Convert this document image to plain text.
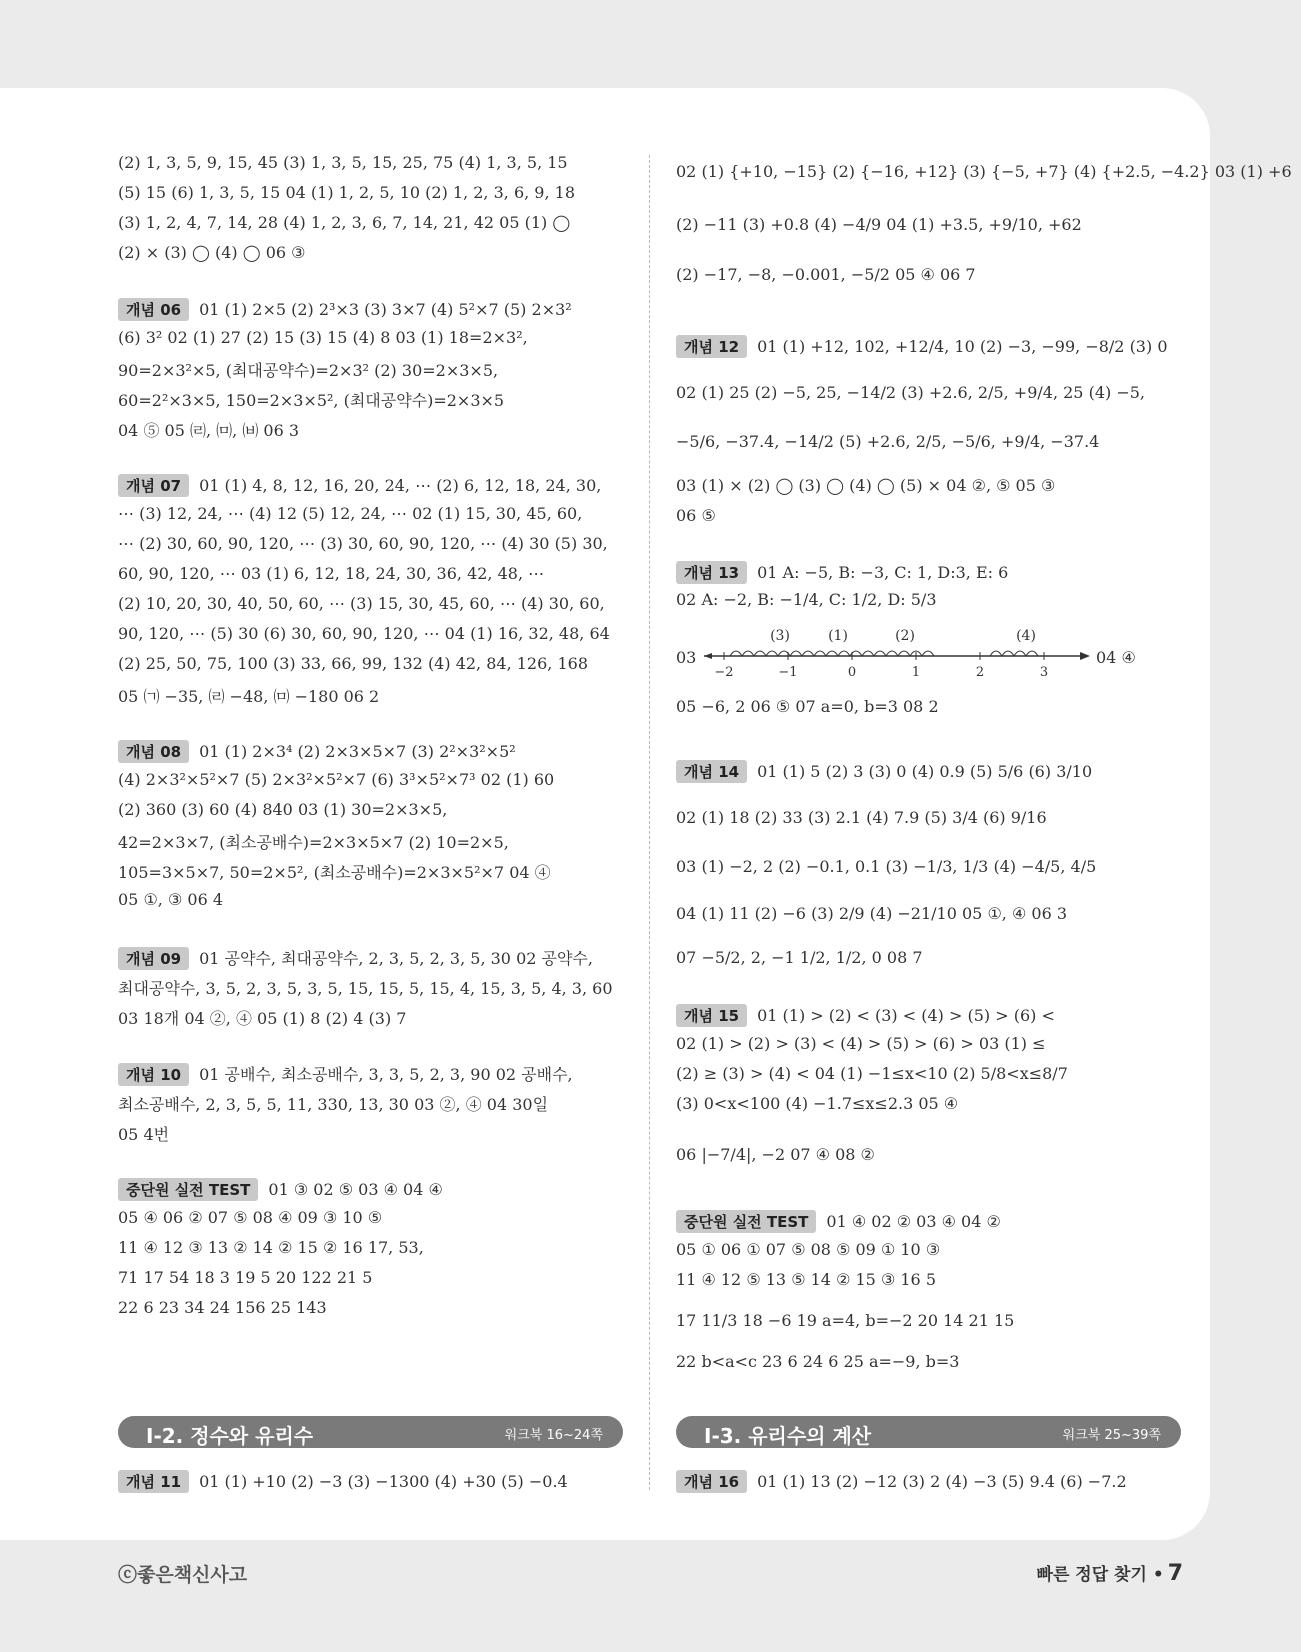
(2) 1, 3, 5, 9, 15, 45 (3) 1, 3, 5, 15, 25, 75 (4) 1, 3, 5, 15
(5) 15 (6) 1, 3, 5, 15 04 (1) 1, 2, 5, 10 (2) 1, 2, 3, 6, 9, 18
(3) 1, 2, 4, 7, 14, 28 (4) 1, 2, 3, 6, 7, 14, 21, 42 05 (1) ◯
(2) × (3) ◯ (4) ◯ 06 ③
개념 06 01 (1) 2×5 (2) 2³×3 (3) 3×7 (4) 5²×7 (5) 2×3²
(6) 3² 02 (1) 27 (2) 15 (3) 15 (4) 8 03 (1) 18=2×3²,
90=2×3²×5, (최대공약수)=2×3² (2) 30=2×3×5,
60=2²×3×5, 150=2×3×5², (최대공약수)=2×3×5
04 ⑤ 05 ㈃, ㈄, ㈅ 06 3
개념 07 01 (1) 4, 8, 12, 16, 20, 24, ⋯ (2) 6, 12, 18, 24, 30,
⋯ (3) 12, 24, ⋯ (4) 12 (5) 12, 24, ⋯ 02 (1) 15, 30, 45, 60,
⋯ (2) 30, 60, 90, 120, ⋯ (3) 30, 60, 90, 120, ⋯ (4) 30 (5) 30,
60, 90, 120, ⋯ 03 (1) 6, 12, 18, 24, 30, 36, 42, 48, ⋯
(2) 10, 20, 30, 40, 50, 60, ⋯ (3) 15, 30, 45, 60, ⋯ (4) 30, 60,
90, 120, ⋯ (5) 30 (6) 30, 60, 90, 120, ⋯ 04 (1) 16, 32, 48, 64
(2) 25, 50, 75, 100 (3) 33, 66, 99, 132 (4) 42, 84, 126, 168
05 ㈀ −35, ㈃ −48, ㈄ −180 06 2
개념 08 01 (1) 2×3⁴ (2) 2×3×5×7 (3) 2²×3²×5²
(4) 2×3²×5²×7 (5) 2×3²×5²×7 (6) 3³×5²×7³ 02 (1) 60
(2) 360 (3) 60 (4) 840 03 (1) 30=2×3×5,
42=2×3×7, (최소공배수)=2×3×5×7 (2) 10=2×5,
105=3×5×7, 50=2×5², (최소공배수)=2×3×5²×7 04 ④
05 ①, ③ 06 4
개념 09 01 공약수, 최대공약수, 2, 3, 5, 2, 3, 5, 30 02 공약수,
최대공약수, 3, 5, 2, 3, 5, 3, 5, 15, 15, 5, 15, 4, 15, 3, 5, 4, 3, 60
03 18개 04 ②, ④ 05 (1) 8 (2) 4 (3) 7
개념 10 01 공배수, 최소공배수, 3, 3, 5, 2, 3, 90 02 공배수,
최소공배수, 2, 3, 5, 5, 11, 330, 13, 30 03 ②, ④ 04 30일
05 4번
중단원 실전 TEST01 ③ 02 ⑤ 03 ④ 04 ④
05 ④ 06 ② 07 ⑤ 08 ④ 09 ③ 10 ⑤
11 ④ 12 ③ 13 ② 14 ② 15 ② 16 17, 53,
71 17 54 18 3 19 5 20 122 21 5
22 6 23 34 24 156 25 143
개념 11 01 (1) +10 (2) −3 (3) −1300 (4) +30 (5) −0.4
02 (1) {+10, −15} (2) {−16, +12} (3) {−5, +7} (4) {+2.5, −4.2} 03 (1) +6
(2) −11 (3) +0.8 (4) −4/9 04 (1) +3.5, +9/10, +62
(2) −17, −8, −0.001, −5/2 05 ④ 06 7
개념 12 01 (1) +12, 102, +12/4, 10 (2) −3, −99, −8/2 (3) 0
02 (1) 25 (2) −5, 25, −14/2 (3) +2.6, 2/5, +9/4, 25 (4) −5,
−5/6, −37.4, −14/2 (5) +2.6, 2/5, −5/6, +9/4, −37.4
03 (1) × (2) ◯ (3) ◯ (4) ◯ (5) × 04 ②, ⑤ 05 ③
06 ⑤
개념 13 01 A: −5, B: −3, C: 1, D:3, E: 6
02 A: −2, B: −1/4, C: 1/2, D: 5/3
03
05 −6, 2 06 ⑤ 07 a=0, b=3 08 2
개념 14 01 (1) 5 (2) 3 (3) 0 (4) 0.9 (5) 5/6 (6) 3/10
02 (1) 18 (2) 33 (3) 2.1 (4) 7.9 (5) 3/4 (6) 9/16
03 (1) −2, 2 (2) −0.1, 0.1 (3) −1/3, 1/3 (4) −4/5, 4/5
04 (1) 11 (2) −6 (3) 2/9 (4) −21/10 05 ①, ④ 06 3
07 −5/2, 2, −1 1/2, 1/2, 0 08 7
개념 15 01 (1) > (2) < (3) < (4) > (5) > (6) <
02 (1) > (2) > (3) < (4) > (5) > (6) > 03 (1) ≤
(2) ≥ (3) > (4) < 04 (1) −1≤x<10 (2) 5/8<x≤8/7
(3) 0<x<100 (4) −1.7≤x≤2.3 05 ④
06 |−7/4|, −2 07 ④ 08 ②
중단원 실전 TEST01 ④ 02 ② 03 ④ 04 ②
05 ① 06 ① 07 ⑤ 08 ⑤ 09 ① 10 ③
11 ④ 12 ⑤ 13 ⑤ 14 ② 15 ③ 16 5
17 11/3 18 −6 19 a=4, b=−2 20 14 21 15
22 b<a<c 23 6 24 6 25 a=−9, b=3
개념 16 01 (1) 13 (2) −12 (3) 2 (4) −3 (5) 9.4 (6) −7.2
04 ④
Ⅰ-2. 정수와 유리수	워크북 16~24쪽	Ⅰ-3. 유리수의 계산	워크북 25~39쪽
−2	−1	0	1	2	3
(3)	(1)	(2)	(4)
ⓒ좋은책신사고	빠른 정답 찾기 • 7
